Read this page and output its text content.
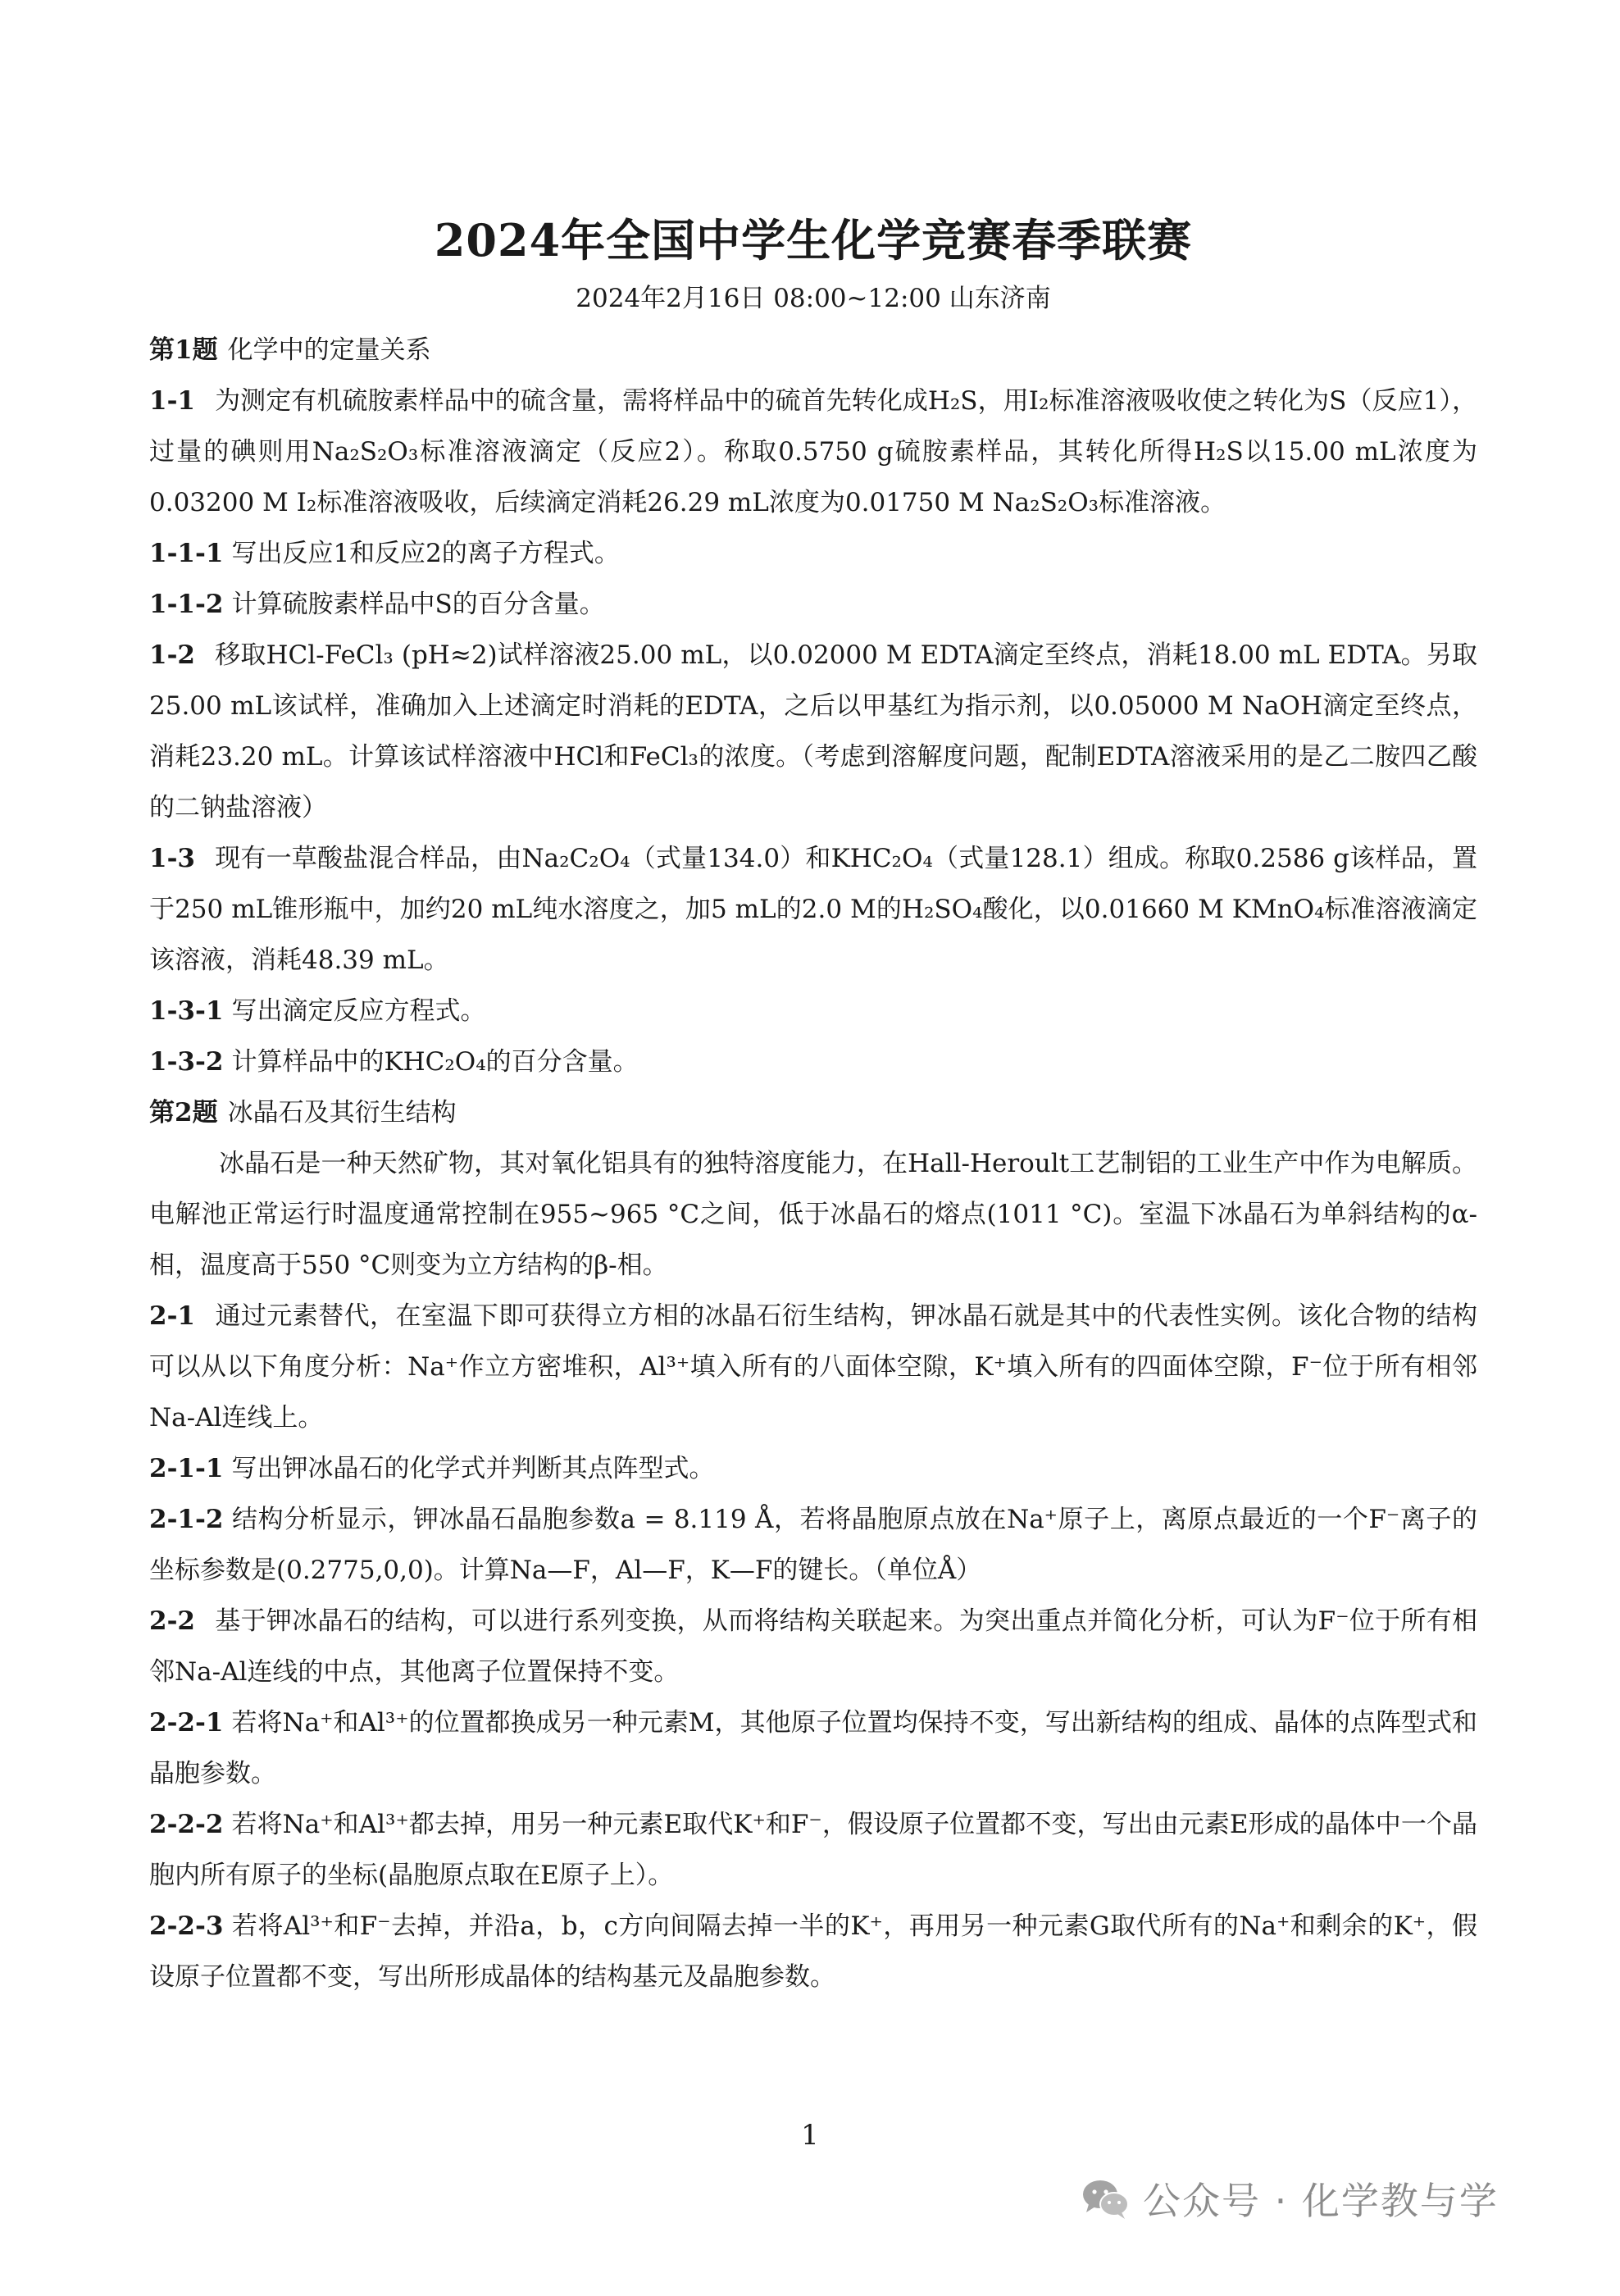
2024年全国中学生化学竞赛春季联赛
2024年2月16日 08:00~12:00 山东济南

第1题 化学中的定量关系

1-1 为测定有机硫胺素样品中的硫含量，需将样品中的硫首先转化成H₂S，用I₂标准溶液吸收使之转化为S（反应1），过量的碘则用Na₂S₂O₃标准溶液滴定（反应2）。称取0.5750 g硫胺素样品，其转化所得H₂S以15.00 mL浓度为0.03200 M I₂标准溶液吸收，后续滴定消耗26.29 mL浓度为0.01750 M Na₂S₂O₃标准溶液。

1-1-1 写出反应1和反应2的离子方程式。

1-1-2 计算硫胺素样品中S的百分含量。

1-2 移取HCl-FeCl₃ (pH≈2)试样溶液25.00 mL，以0.02000 M EDTA滴定至终点，消耗18.00 mL EDTA。另取25.00 mL该试样，准确加入上述滴定时消耗的EDTA，之后以甲基红为指示剂，以0.05000 M NaOH滴定至终点，消耗23.20 mL。计算该试样溶液中HCl和FeCl₃的浓度。（考虑到溶解度问题，配制EDTA溶液采用的是乙二胺四乙酸的二钠盐溶液）

1-3 现有一草酸盐混合样品，由Na₂C₂O₄（式量134.0）和KHC₂O₄（式量128.1）组成。称取0.2586 g该样品，置于250 mL锥形瓶中，加约20 mL纯水溶度之，加5 mL的2.0 M的H₂SO₄酸化，以0.01660 M KMnO₄标准溶液滴定该溶液，消耗48.39 mL。

1-3-1 写出滴定反应方程式。

1-3-2 计算样品中的KHC₂O₄的百分含量。

第2题 冰晶石及其衍生结构

冰晶石是一种天然矿物，其对氧化铝具有的独特溶度能力，在Hall-Heroult工艺制铝的工业生产中作为电解质。电解池正常运行时温度通常控制在955~965 °C之间，低于冰晶石的熔点(1011 °C)。室温下冰晶石为单斜结构的α-相，温度高于550 °C则变为立方结构的β-相。

2-1 通过元素替代，在室温下即可获得立方相的冰晶石衍生结构，钾冰晶石就是其中的代表性实例。该化合物的结构可以从以下角度分析：Na⁺作立方密堆积，Al³⁺填入所有的八面体空隙，K⁺填入所有的四面体空隙，F⁻位于所有相邻Na-Al连线上。

2-1-1 写出钾冰晶石的化学式并判断其点阵型式。

2-1-2 结构分析显示，钾冰晶石晶胞参数a = 8.119 Å，若将晶胞原点放在Na⁺原子上，离原点最近的一个F⁻离子的坐标参数是(0.2775,0,0)。计算Na—F，Al—F，K—F的键长。（单位Å）

2-2 基于钾冰晶石的结构，可以进行系列变换，从而将结构关联起来。为突出重点并简化分析，可认为F⁻位于所有相邻Na-Al连线的中点，其他离子位置保持不变。

2-2-1 若将Na⁺和Al³⁺的位置都换成另一种元素M，其他原子位置均保持不变，写出新结构的组成、晶体的点阵型式和晶胞参数。

2-2-2 若将Na⁺和Al³⁺都去掉，用另一种元素E取代K⁺和F⁻，假设原子位置都不变，写出由元素E形成的晶体中一个晶胞内所有原子的坐标(晶胞原点取在E原子上）。

2-2-3 若将Al³⁺和F⁻去掉，并沿a，b，c方向间隔去掉一半的K⁺，再用另一种元素G取代所有的Na⁺和剩余的K⁺，假设原子位置都不变，写出所形成晶体的结构基元及晶胞参数。

1
公众号 · 化学教与学
